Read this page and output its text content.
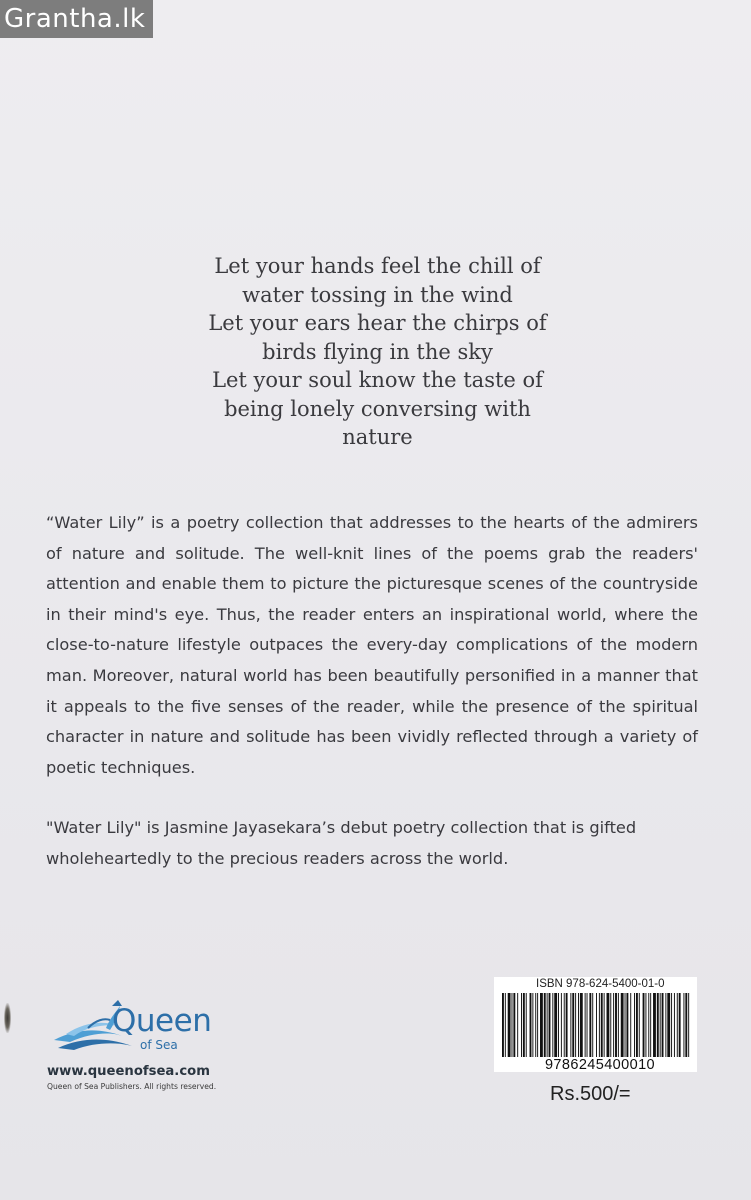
Grantha.lk
Let your hands feel the chill of
water tossing in the wind
Let your ears hear the chirps of
birds flying in the sky
Let your soul know the taste of
being lonely conversing with
nature

“Water Lily” is a poetry collection that addresses to the hearts of the admirers of nature and solitude. The well-knit lines of the poems grab the readers' attention and enable them to picture the picturesque scenes of the countryside in their mind's eye. Thus, the reader enters an inspirational world, where the close-to-nature lifestyle outpaces the every-day complications of the modern man. Moreover, natural world has been beautifully personified in a manner that it appeals to the five senses of the reader, while the presence of the spiritual character in nature and solitude has been vividly reflected through a variety of poetic techniques.

"Water Lily" is Jasmine Jayasekara’s debut poetry collection that is gifted wholeheartedly to the precious readers across the world.

Queen
of Sea
www.queenofsea.com
Queen of Sea Publishers. All rights reserved.
ISBN 978-624-5400-01-0
9786245400010
Rs.500/=
